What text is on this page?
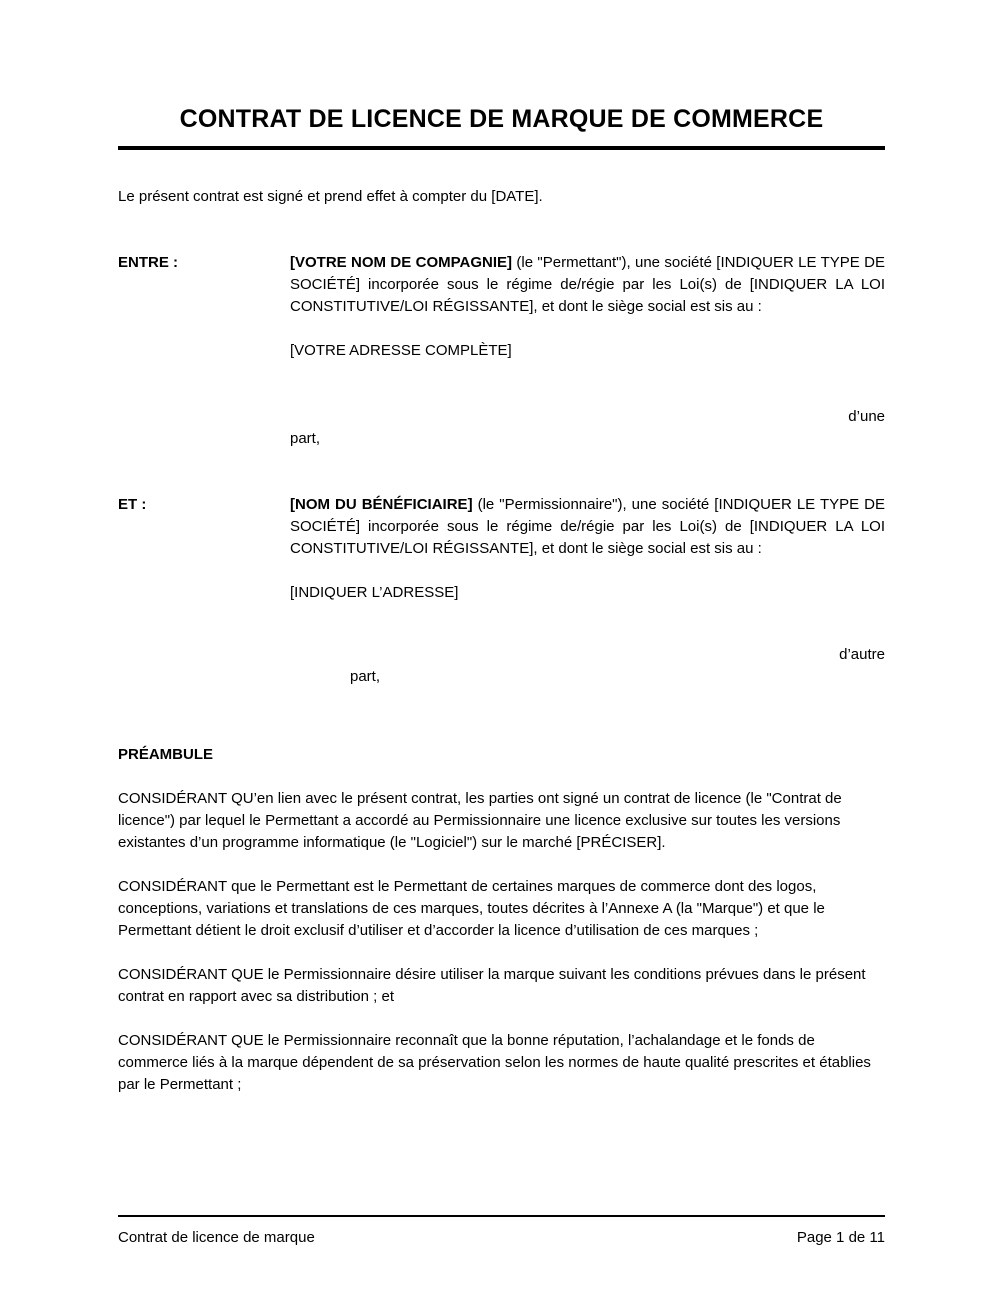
CONTRAT DE LICENCE DE MARQUE DE COMMERCE

Le présent contrat est signé et prend effet à compter du [DATE].

ENTRE :	[VOTRE NOM DE COMPAGNIE] (le "Permettant"), une société [INDIQUER LE TYPE DE SOCIÉTÉ] incorporée sous le régime de/régie par les Loi(s) de [INDIQUER LA LOI CONSTITUTIVE/LOI RÉGISSANTE], et dont le siège social est sis au :

[VOTRE ADRESSE COMPLÈTE]

d’une
part,
ET :	[NOM DU BÉNÉFICIAIRE] (le "Permissionnaire"), une société [INDIQUER LE TYPE DE SOCIÉTÉ] incorporée sous le régime de/régie par les Loi(s) de [INDIQUER LA LOI CONSTITUTIVE/LOI RÉGISSANTE], et dont le siège social est sis au :

[INDIQUER L’ADRESSE]

d’autre
part,

PRÉAMBULE

CONSIDÉRANT QU’en lien avec le présent contrat, les parties ont signé un contrat de licence (le "Contrat de licence") par lequel le Permettant a accordé au Permissionnaire une licence exclusive sur toutes les versions existantes d’un programme informatique (le "Logiciel") sur le marché [PRÉCISER].

CONSIDÉRANT que le Permettant est le Permettant de certaines marques de commerce dont des logos, conceptions, variations et translations de ces marques, toutes décrites à l’Annexe A (la "Marque") et que le Permettant détient le droit exclusif d’utiliser et d’accorder la licence d’utilisation de ces marques ;

CONSIDÉRANT QUE le Permissionnaire désire utiliser la marque suivant les conditions prévues dans le présent contrat en rapport avec sa distribution ; et

CONSIDÉRANT QUE le Permissionnaire reconnaît que la bonne réputation, l’achalandage et le fonds de commerce liés à la marque dépendent de sa préservation selon les normes de haute qualité prescrites et établies par le Permettant ;

Contrat de licence de marque	Page 1 de 11
